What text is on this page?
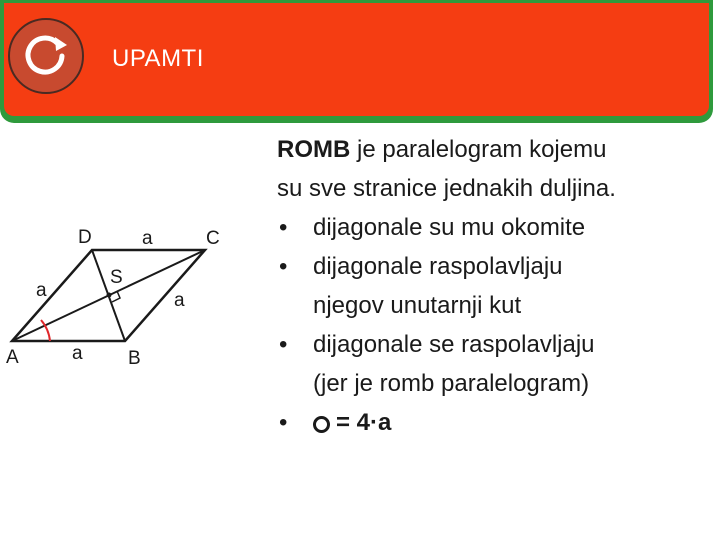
UPAMTI
D	C
A	B
S
a
a
a
a

ROMB je paralelogram kojemu
su sve stranice jednakih duljina.

• dijagonale su mu okomite
• dijagonale raspolavljaju
njegov unutarnji kut
• dijagonale se raspolavljaju
(jer je romb paralelogram)
• = 4·a
